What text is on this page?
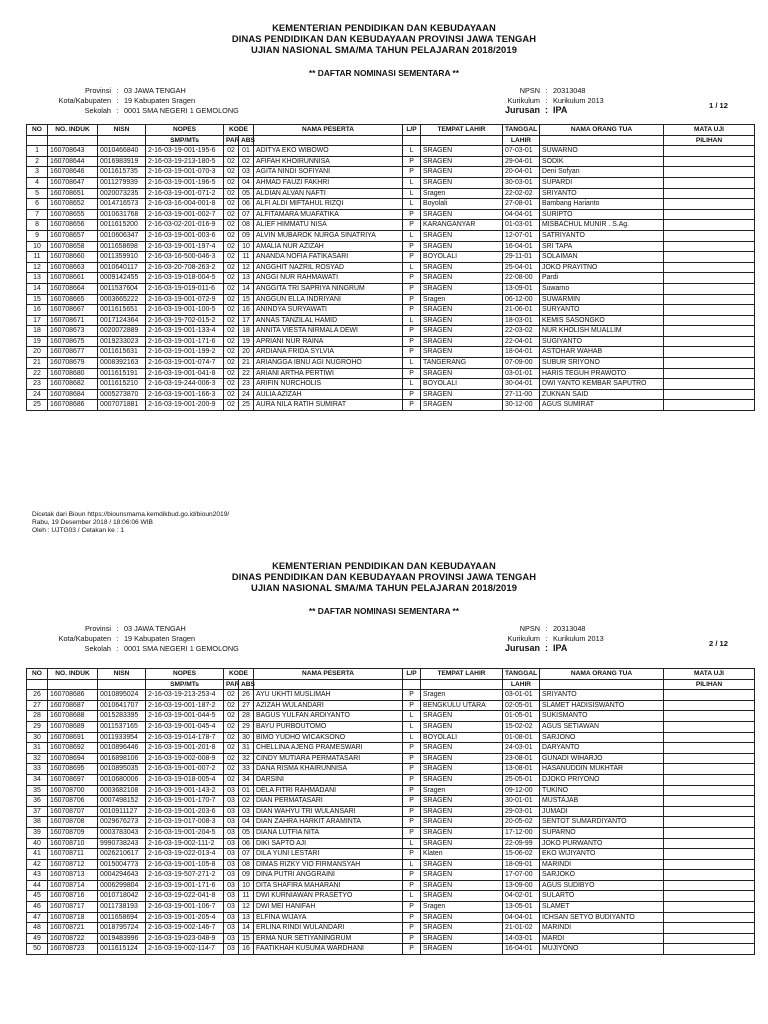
KEMENTERIAN PENDIDIKAN DAN KEBUDAYAAN
DINAS PENDIDIKAN DAN KEBUDAYAAN PROVINSI JAWA TENGAH
UJIAN NASIONAL SMA/MA TAHUN PELAJARAN 2018/2019
** DAFTAR NOMINASI SEMENTARA **
Provinsi : 03 JAWA TENGAH
Kota/Kabupaten : 19 Kabupaten Sragen
Sekolah : 0001 SMA NEGERI 1 GEMOLONG
NPSN : 20313048
Kurikulum : Kurikulum 2013
Jurusan : IPA	1 / 12
NO	NO. INDUK	NISN	NOPES	KODE		NAMA PESERTA	L/P	TEMPAT LAHIR	TANGGAL	NAMA ORANG TUA	MATA UJI
			SMP/MTs	PAR	ABS				LAHIR		PILIHAN
1	160708643	0010466840	2-16-03-19-001-195-6	02	01	ADITYA EKO WIBOWO	L	SRAGEN	07-03-01	SUWARNO	
2	160708644	0016983919	2-16-03-19-213-180-5	02	02	AFIFAH KHOIRUNNISA	P	SRAGEN	29-04-01	SODIK	
3	160708646	0011615735	2-16-03-19-001-070-3	02	03	AGITA NINDI SOFIYANI	P	SRAGEN	20-04-01	Deni Sofyan	
4	160708647	0011279939	2-16-03-19-001-196-5	02	04	AHMAD FAUZI FAKHRI	L	SRAGEN	30-03-01	SUPARDI	
5	160708651	0020073235	2-16-03-19-001-071-2	02	05	ALDIAN ALVAN NAFTI	L	Sragen	22-02-02	SRIYANTO	
6	160708652	0014716573	2-16-03-16-004-001-8	02	06	ALFI ALDI MIFTAHUL RIZQI	L	Boyolali	27-08-01	Bambang Harianto	
7	160708655	0010631768	2-16-03-19-001-002-7	02	07	ALFITAMARA MUAFATIKA	P	SRAGEN	04-04-01	SURIPTO	
8	160708656	0011615200	2-16-03-02-201-016-9	02	08	ALIEF HIMMATU NISA	P	KARANGANYAR	01-03-01	MISBACHUL MUNIR . S.Ag.	
9	160708657	0010606347	2-16-03-19-001-003-6	02	09	ALVIN MUBAROK NURGA SINATRIYA	L	SRAGEN	12-07-01	SATRIYANTO	
10	160708658	0011658698	2-16-03-19-001-197-4	02	10	AMALIA NUR AZIZAH	P	SRAGEN	16-04-01	SRI TAPA	
11	160708660	0011359910	2-16-03-16-500-046-3	02	11	ANANDA NOFIA FATIKASARI	P	BOYOLALI	29-11-01	SOLAIMAN	
12	160708663	0010640117	2-16-03-20-708-263-2	02	12	ANGGHIT NAZRIL ROSYAD	L	SRAGEN	25-04-01	JOKO PRAYITNO	
13	160708661	0009142455	2-16-03-19-018-004-5	02	13	ANGGI NUR RAHMAWATI	P	SRAGEN	22-08-00	Pardi	
14	160708664	0011537604	2-16-03-19-019-011-6	02	14	ANGGITA TRI SAPRIYA NINGRUM	P	SRAGEN	13-09-01	Suwarno	
15	160708665	0003665222	2-16-03-19-001-072-9	02	15	ANGGUN ELLA INDRIYANI	P	Sragen	06-12-00	SUWARMIN	
16	160708667	0011615651	2-16-03-19-001-100-5	02	16	ANINDYA SURYAWATI	P	SRAGEN	21-06-01	SURYANTO	
17	160708671	0017124364	2-16-03-19-702-015-2	02	17	ANNAS TANZILAL HAMID	L	SRAGEN	18-03-01	KEMIS SASONGKO	
18	160708673	0020072889	2-16-03-19-001-133-4	02	18	ANNITA VIESTA NIRMALA DEWI	P	SRAGEN	22-03-02	NUR KHOLISH MUALLIM	
19	160708675	0019233023	2-16-03-19-001-171-6	02	19	APRIANI NUR RAINA	P	SRAGEN	22-04-01	SUGIYANTO	
20	160708677	0011615631	2-16-03-19-001-199-2	02	20	ARDIANA FRIDA SYLVIA	P	SRAGEN	18-04-01	ASTOHAR WAHAB	
21	160708679	0008392163	2-16-03-19-001-074-7	02	21	ARIANGGA IBNU AGI NUGROHO	L	TANGERANG	07-09-00	SUBUR SRIYONO	
22	160708680	0011615191	2-16-03-19-001-041-8	02	22	ARIANI ARTHA PERTIWI	P	SRAGEN	03-01-01	HARIS TEGUH PRAWOTO	
23	160708682	0011615210	2-16-03-19-244-006-3	02	23	ARIFIN NURCHOLIS	L	BOYOLALI	30-04-01	DWI YANTO KEMBAR SAPUTRO	
24	160708684	0005273870	2-16-03-19-001-166-3	02	24	AULIA AZIZAH	P	SRAGEN	27-11-00	ZUKNAN SAID	
25	160708686	0007071881	2-16-03-19-001-200-9	02	25	AURA NILA RATIH SUMIRAT	P	SRAGEN	30-12-00	AGUS SUMIRAT	
Dicetak dari Bioun https://biounsmama.kemdikbud.go.id/bioun2019/
Rabu, 19 Desember 2018 / 18:06:06 WIB
Oleh : UJTG03 / Cetakan ke : 1
KEMENTERIAN PENDIDIKAN DAN KEBUDAYAAN
DINAS PENDIDIKAN DAN KEBUDAYAAN PROVINSI JAWA TENGAH
UJIAN NASIONAL SMA/MA TAHUN PELAJARAN 2018/2019
** DAFTAR NOMINASI SEMENTARA **
Provinsi : 03 JAWA TENGAH
Kota/Kabupaten : 19 Kabupaten Sragen
Sekolah : 0001 SMA NEGERI 1 GEMOLONG
NPSN : 20313048
Kurikulum : Kurikulum 2013
Jurusan : IPA	2 / 12
NO	NO. INDUK	NISN	NOPES	KODE		NAMA PESERTA	L/P	TEMPAT LAHIR	TANGGAL	NAMA ORANG TUA	MATA UJI
			SMP/MTs	PAR	ABS				LAHIR		PILIHAN
26	160708686	0010895024	2-16-03-19-213-253-4	02	26	AYU UKHTI MUSLIMAH	P	Sragen	03-01-01	SRIYANTO	
27	160708687	0010641707	2-16-03-19-001-187-2	02	27	AZIZAH WULANDARI	P	BENGKULU UTARA	02-05-01	SLAMET HADISISWANTO	
28	160708688	0015283395	2-16-03-19-001-044-5	02	28	BAGUS YULFAN ARDIYANTO	L	SRAGEN	01-05-01	SUKISMANTO	
29	160708689	0011537165	2-16-03-19-001-045-4	02	29	BAYU PURBOUTOMO	L	SRAGEN	15-02-02	AGUS SETIAWAN	
30	160708691	0011933954	2-16-03-19-014-178-7	02	30	BIMO YUDHO WICAKSONO	L	BOYOLALI	01-08-01	SARJONO	
31	160708692	0010896446	2-16-03-19-001-201-8	02	31	CHELLINA AJENG PRAMESWARI	P	SRAGEN	24-03-01	DARYANTO	
32	160708694	0016898106	2-16-03-19-002-008-9	02	32	CINDY MUTIARA PERMATASARI	P	SRAGEN	23-08-01	GUNADI WIHARJO	
33	160708695	0010895035	2-16-03-19-001-007-2	02	33	DANA RISMA KHAIRUNNISA	P	SRAGEN	13-08-01	HASANUDDIN MUKHTAR	
34	160708697	0010680006	2-16-03-19-018-005-4	02	34	DARSINI	P	SRAGEN	25-05-01	DJOKO PRIYONO	
35	160708700	0003682108	2-16-03-19-001-143-2	03	01	DELA FITRI RAHMADANI	P	Sragen	09-12-00	TUKINO	
36	160708706	0007498152	2-16-03-19-001-170-7	03	02	DIAN PERMATASARI	P	SRAGEN	30-01-01	MUSTAJAB	
37	160708707	0010911127	2-16-03-19-001-203-6	03	03	DIAN WAHYU TRI WULANSARI	P	SRAGEN	29-03-01	JUMADI	
38	160708708	0029676273	2-16-03-19-017-008-3	03	04	DIAN ZAHRA HARKIT ARAMINTA	P	SRAGEN	20-05-02	SENTOT SUMARDIYANTO	
39	160708709	0003783043	2-16-03-19-001-204-5	03	05	DIANA LUTFIA NITA	P	SRAGEN	17-12-00	SUPARNO	
40	160708710	9990738243	2-16-03-19-002-111-2	03	06	DIKI SAPTO AJI	L	SRAGEN	22-09-99	JOKO PURWANTO	
41	160708711	0026210617	2-16-03-19-022-013-4	03	07	DILA YUNI LESTARI	P	Klaten	15-06-02	EKO WIJIYANTO	
42	160708712	0015004773	2-16-03-19-001-105-8	03	08	DIMAS RIZKY VIO FIRMANSYAH	L	SRAGEN	18-09-01	MARINDI	
43	160708713	0004294643	2-16-03-19-507-271-2	03	09	DINA PUTRI ANGGRAINI	P	SRAGEN	17-07-00	SARJOKO	
44	160708714	0006299804	2-16-03-19-001-171-6	03	10	DITA SHAFIRA MAHARANI	P	SRAGEN	13-09-00	AGUS SUDIBYO	
45	160708716	0010718042	2-16-03-19-022-041-8	03	11	DWI KURNIAWAN PRASETYO	L	SRAGEN	04-02-01	SULARTO	
46	160708717	0011738193	2-16-03-19-001-106-7	03	12	DWI MEI HANIFAH	P	Sragen	13-05-01	SLAMET	
47	160708718	0011658694	2-16-03-19-001-205-4	03	13	ELFINA WIJAYA	P	SRAGEN	04-04-01	ICHSAN SETYO BUDIYANTO	
48	160708721	0018795724	2-16-03-19-002-146-7	03	14	ERLINA RINDI WULANDARI	P	SRAGEN	21-01-02	MARINDI	
49	160708722	0019483996	2-16-03-19-023-048-9	03	15	ERMA NUR SETIYANINGRUM	P	SRAGEN	14-03-01	MARDI	
50	160708723	0011615124	2-16-03-19-002-114-7	03	16	FAATIKHAH KUSUMA WARDHANI	P	SRAGEN	16-04-01	MUJIYONO	
